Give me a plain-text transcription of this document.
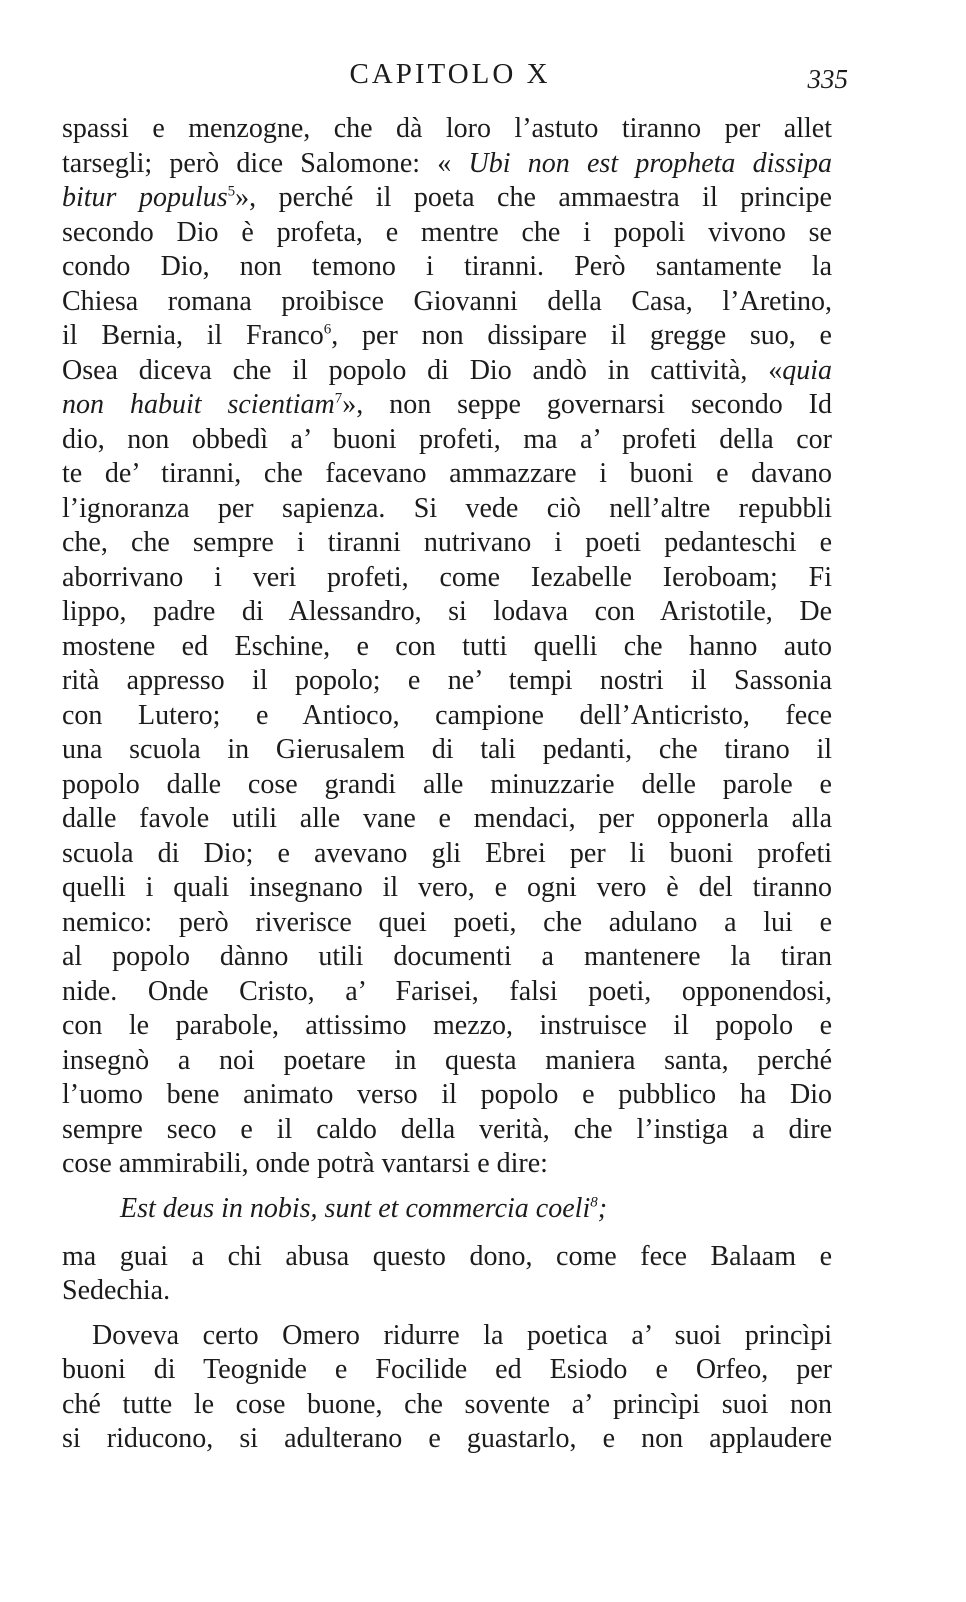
CAPITOLO X	335
spassi e menzogne, che dà loro l’astuto tiranno per allet
tarsegli; però dice Salomone: « Ubi non est propheta dissipa
bitur populus$^5$», perché il poeta che ammaestra il principe
secondo Dio è profeta, e mentre che i popoli vivono se
condo Dio, non temono i tiranni. Però santamente la
Chiesa romana proibisce Giovanni della Casa, l’Aretino,
il Bernia, il Franco$^6$, per non dissipare il gregge suo, e
Osea diceva che il popolo di Dio andò in cattività, «quia
non habuit scientiam$^7$», non seppe governarsi secondo Id
dio, non obbedì a’ buoni profeti, ma a’ profeti della cor
te de’ tiranni, che facevano ammazzare i buoni e davano
l’ignoranza per sapienza. Si vede ciò nell’altre repubbli
che, che sempre i tiranni nutrivano i poeti pedanteschi e
aborrivano i veri profeti, come Iezabelle Ieroboam; Fi
lippo, padre di Alessandro, si lodava con Aristotile, De
mostene ed Eschine, e con tutti quelli che hanno auto
rità appresso il popolo; e ne’ tempi nostri il Sassonia
con Lutero; e Antioco, campione dell’Anticristo, fece
una scuola in Gierusalem di tali pedanti, che tirano il
popolo dalle cose grandi alle minuzzarie delle parole e
dalle favole utili alle vane e mendaci, per opponerla alla
scuola di Dio; e avevano gli Ebrei per li buoni profeti
quelli i quali insegnano il vero, e ogni vero è del tiranno
nemico: però riverisce quei poeti, che adulano a lui e
al popolo dànno utili documenti a mantenere la tiran
nide. Onde Cristo, a’ Farisei, falsi poeti, opponendosi,
con le parabole, attissimo mezzo, instruisce il popolo e
insegnò a noi poetare in questa maniera santa, perché
l’uomo bene animato verso il popolo e pubblico ha Dio
sempre seco e il caldo della verità, che l’instiga a dire
cose ammirabili, onde potrà vantarsi e dire:
Est deus in nobis, sunt et commercia coeli$^8$;
ma guai a chi abusa questo dono, come fece Balaam e
Sedechia.
Doveva certo Omero ridurre la poetica a’ suoi princìpi
buoni di Teognide e Focilide ed Esiodo e Orfeo, per
ché tutte le cose buone, che sovente a’ princìpi suoi non
si riducono, si adulterano e guastarlo, e non applaudere
